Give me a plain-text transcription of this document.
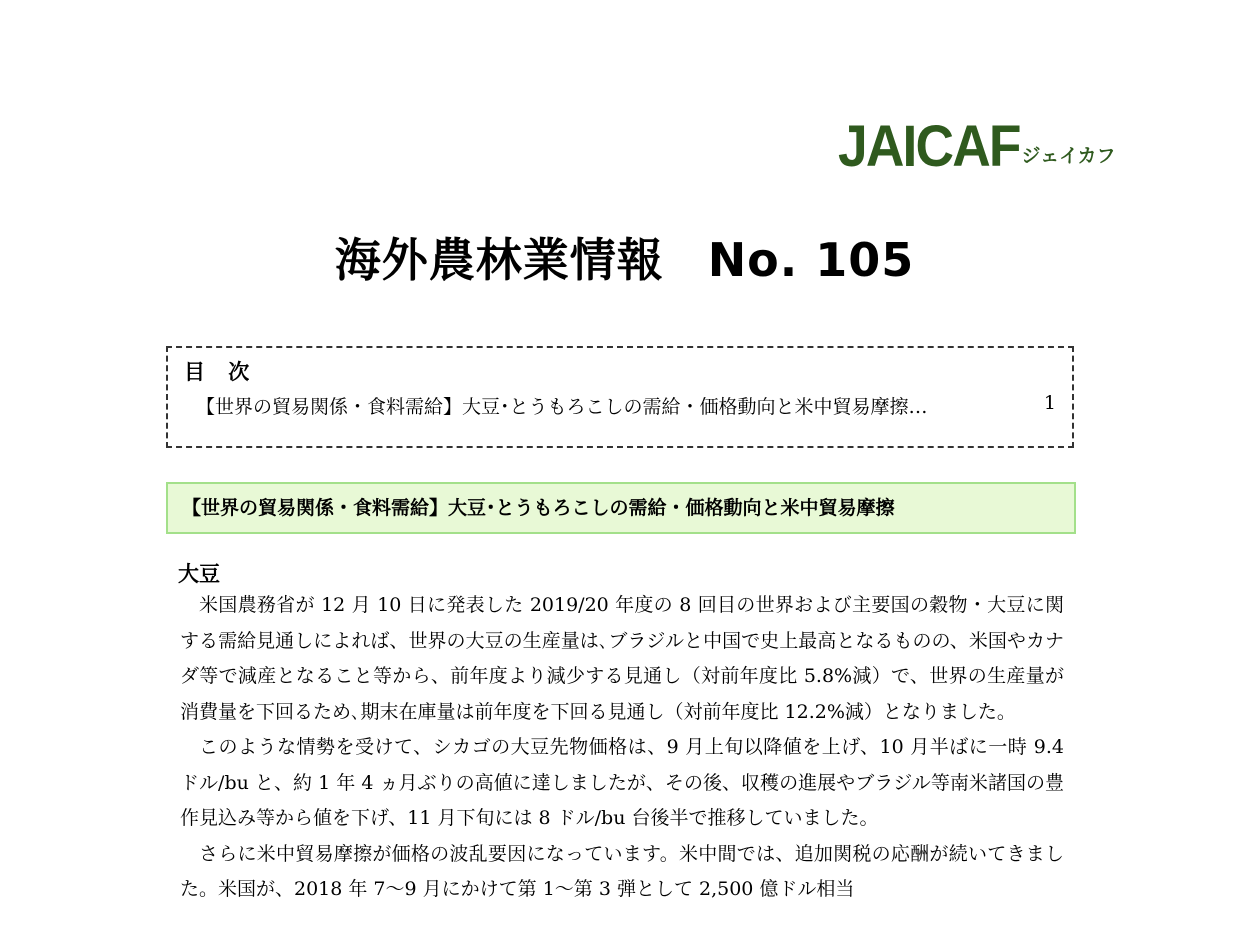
JAICAF ジェイカフ
海外農林業情報 No. 105
目 次
【世界の貿易関係・食料需給】大豆･とうもろこしの需給・価格動向と米中貿易摩擦…	1
【世界の貿易関係・食料需給】大豆･とうもろこしの需給・価格動向と米中貿易摩擦
大豆

米国農務省が 12 月 10 日に発表した 2019/20 年度の 8 回目の世界および主要国の穀物・大豆に関する需給見通しによれば、世界の大豆の生産量は､ブラジルと中国で史上最高となるものの、米国やカナダ等で減産となること等から、前年度より減少する見通し（対前年度比 5.8%減）で、世界の生産量が消費量を下回るため､期末在庫量は前年度を下回る見通し（対前年度比 12.2%減）となりました。

このような情勢を受けて、シカゴの大豆先物価格は、9 月上旬以降値を上げ、10 月半ばに一時 9.4 ドル/bu と、約 1 年 4 ヵ月ぶりの高値に達しましたが、その後、収穫の進展やブラジル等南米諸国の豊作見込み等から値を下げ、11 月下旬には 8 ドル/bu 台後半で推移していました。

さらに米中貿易摩擦が価格の波乱要因になっています。米中間では、追加関税の応酬が続いてきました。米国が、2018 年 7〜9 月にかけて第 1〜第 3 弾として 2,500 億ドル相当
